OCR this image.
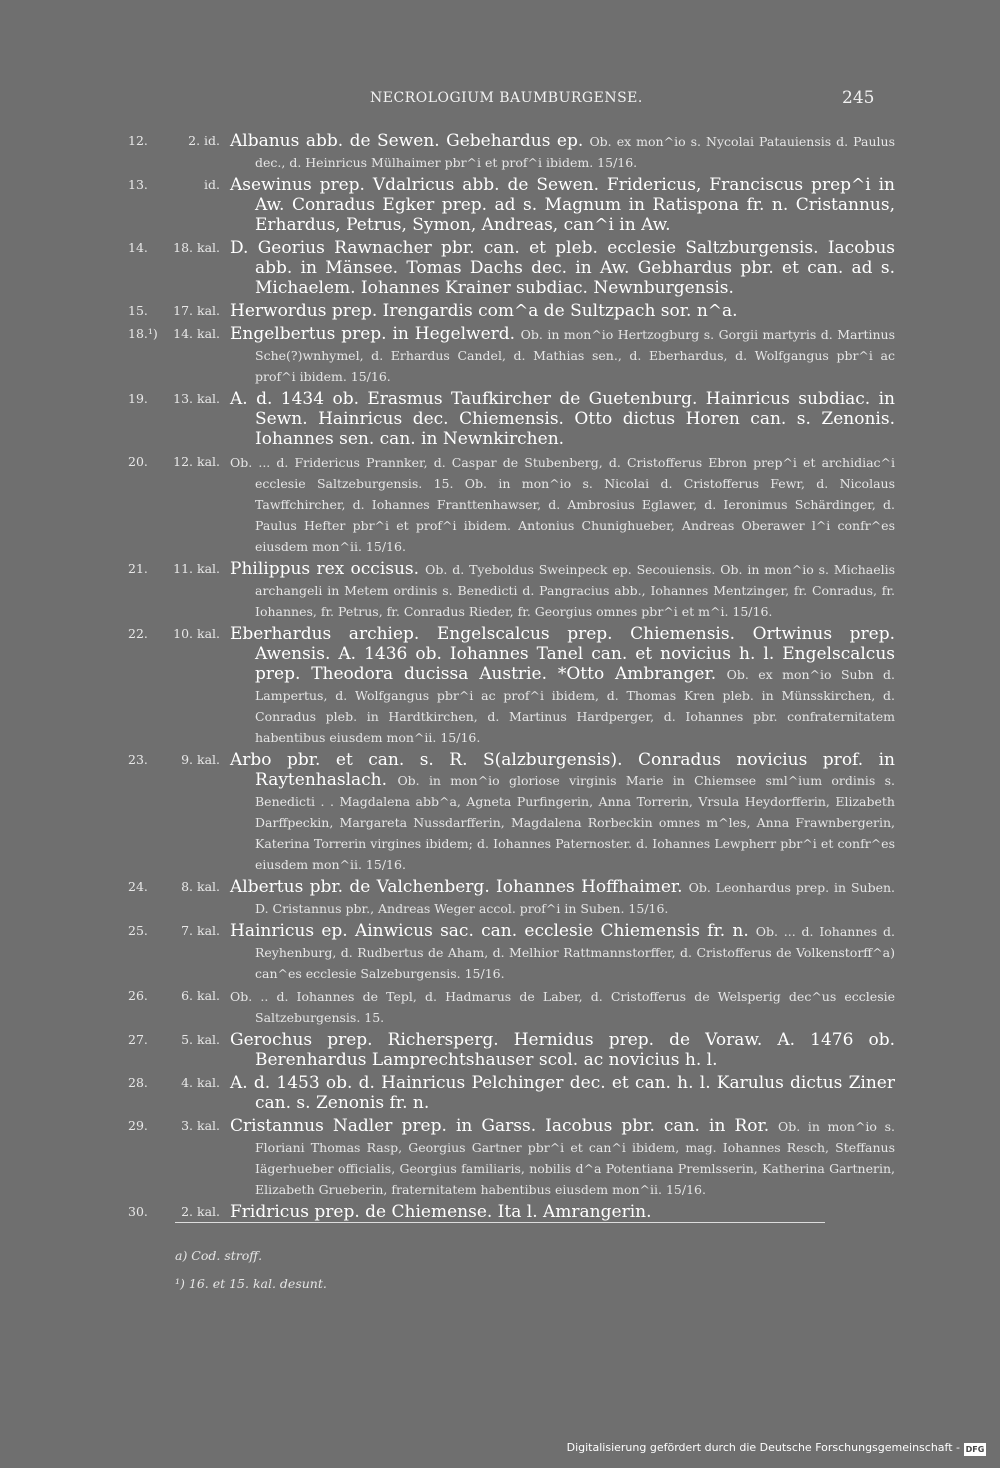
NECROLOGIUM BAUMBURGENSE.	245
12.	2. id. Albanus abb. de Sewen. Gebehardus ep. Ob. ex mon^io s. Nycolai Patauiensis d. Paulus dec., d. Heinricus Mülhaimer pbr^i et prof^i ibidem. 15/16.
13.	id. Asewinus prep. Vdalricus abb. de Sewen. Fridericus, Franciscus prep^i in Aw. Conradus Egker prep. ad s. Magnum in Ratispona fr. n. Cristannus, Erhardus, Petrus, Symon, Andreas, can^i in Aw.
14.	18. kal. D. Georius Rawnacher pbr. can. et pleb. ecclesie Saltzburgensis. Iacobus abb. in Mänsee. Tomas Dachs dec. in Aw. Gebhardus pbr. et can. ad s. Michaelem. Iohannes Krainer subdiac. Newnburgensis.
15.	17. kal. Herwordus prep. Irengardis com^a de Sultzpach sor. n^a.
18.¹)	14. kal. Engelbertus prep. in Hegelwerd. Ob. in mon^io Hertzogburg s. Gorgii martyris d. Martinus Sche(?)wnhymel, d. Erhardus Candel, d. Mathias sen., d. Eberhardus, d. Wolfgangus pbr^i ac prof^i ibidem. 15/16.
19.	13. kal. A. d. 1434 ob. Erasmus Taufkircher de Guetenburg. Hainricus subdiac. in Sewn. Hainricus dec. Chiemensis. Otto dictus Horen can. s. Zenonis. Iohannes sen. can. in Newnkirchen.
20.	12. kal. Ob. ... d. Fridericus Prannker, d. Caspar de Stubenberg, d. Cristofferus Ebron prep^i et archidiac^i ecclesie Saltzeburgensis. 15. Ob. in mon^io s. Nicolai d. Cristofferus Fewr, d. Nicolaus Tawffchircher, d. Iohannes Franttenhawser, d. Ambrosius Eglawer, d. Ieronimus Schärdinger, d. Paulus Hefter pbr^i et prof^i ibidem. Antonius Chunighueber, Andreas Oberawer l^i confr^es eiusdem mon^ii. 15/16.
21.	11. kal. Philippus rex occisus. Ob. d. Tyeboldus Sweinpeck ep. Secouiensis. Ob. in mon^io s. Michaelis archangeli in Metem ordinis s. Benedicti d. Pangracius abb., Iohannes Mentzinger, fr. Conradus, fr. Iohannes, fr. Petrus, fr. Conradus Rieder, fr. Georgius omnes pbr^i et m^i. 15/16.
22.	10. kal. Eberhardus archiep. Engelscalcus prep. Chiemensis. Ortwinus prep. Awensis. A. 1436 ob. Iohannes Tanel can. et novicius h. l. Engelscalcus prep. Theodora ducissa Austrie. *Otto Ambranger. Ob. ex mon^io Subn d. Lampertus, d. Wolfgangus pbr^i ac prof^i ibidem, d. Thomas Kren pleb. in Münsskirchen, d. Conradus pleb. in Hardtkirchen, d. Martinus Hardperger, d. Iohannes pbr. confraternitatem habentibus eiusdem mon^ii. 15/16.
23.	9. kal. Arbo pbr. et can. s. R. S(alzburgensis). Conradus novicius prof. in Raytenhaslach. Ob. in mon^io gloriose virginis Marie in Chiemsee sml^ium ordinis s. Benedicti . . Magdalena abb^a, Agneta Purfingerin, Anna Torrerin, Vrsula Heydorfferin, Elizabeth Darffpeckin, Margareta Nussdarfferin, Magdalena Rorbeckin omnes m^les, Anna Frawnbergerin, Katerina Torrerin virgines ibidem; d. Iohannes Paternoster. d. Iohannes Lewpherr pbr^i et confr^es eiusdem mon^ii. 15/16.
24.	8. kal. Albertus pbr. de Valchenberg. Iohannes Hoffhaimer. Ob. Leonhardus prep. in Suben. D. Cristannus pbr., Andreas Weger accol. prof^i in Suben. 15/16.
25.	7. kal. Hainricus ep. Ainwicus sac. can. ecclesie Chiemensis fr. n. Ob. ... d. Iohannes d. Reyhenburg, d. Rudbertus de Aham, d. Melhior Rattmannstorffer, d. Cristofferus de Volkenstorff^a) can^es ecclesie Salzeburgensis. 15/16.
26.	6. kal. Ob. .. d. Iohannes de Tepl, d. Hadmarus de Laber, d. Cristofferus de Welsperig dec^us ecclesie Saltzeburgensis. 15.
27.	5. kal. Gerochus prep. Richersperg. Hernidus prep. de Voraw. A. 1476 ob. Berenhardus Lamprechtshauser scol. ac novicius h. l.
28.	4. kal. A. d. 1453 ob. d. Hainricus Pelchinger dec. et can. h. l. Karulus dictus Ziner can. s. Zenonis fr. n.
29.	3. kal. Cristannus Nadler prep. in Garss. Iacobus pbr. can. in Ror. Ob. in mon^io s. Floriani Thomas Rasp, Georgius Gartner pbr^i et can^i ibidem, mag. Iohannes Resch, Steffanus Iägerhueber officialis, Georgius familiaris, nobilis d^a Potentiana Premlsserin, Katherina Gartnerin, Elizabeth Grueberin, fraternitatem habentibus eiusdem mon^ii. 15/16.
30.	2. kal. Fridricus prep. de Chiemense. Ita l. Amrangerin.
a) Cod. stroff.
¹) 16. et 15. kal. desunt.
Digitalisierung gefördert durch die Deutsche Forschungsgemeinschaft - DFG
